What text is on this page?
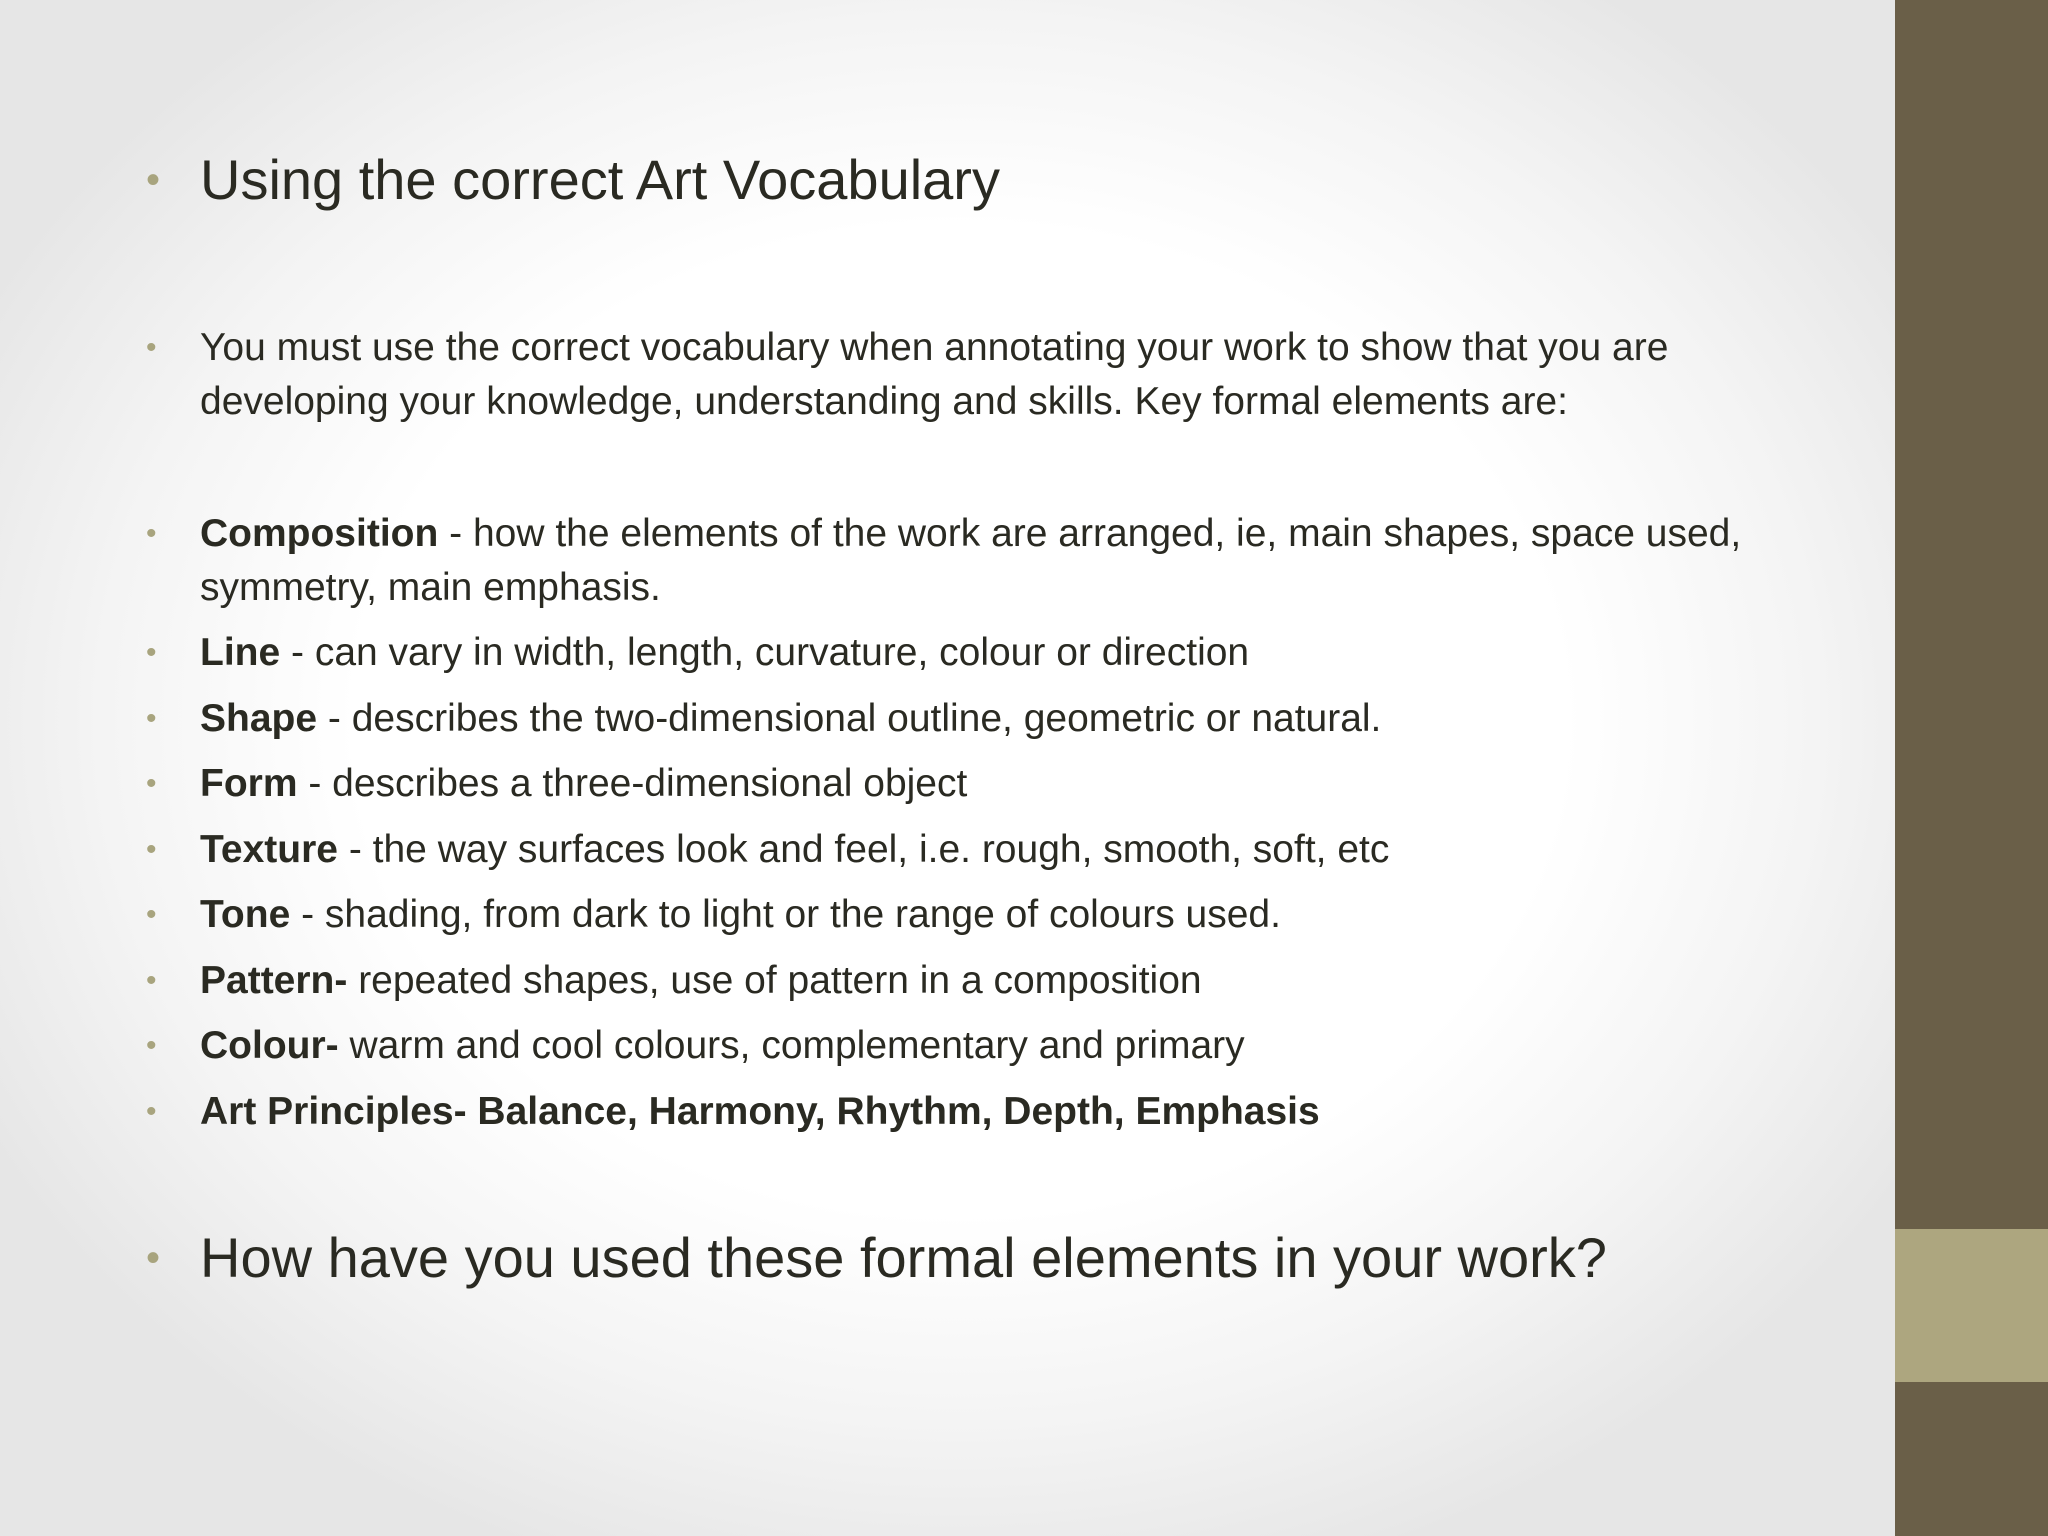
• Using the correct Art Vocabulary
•	You must use the correct vocabulary when annotating your work to show that you are developing your knowledge, understanding and skills. Key formal elements are:
•	Composition - how the elements of the work are arranged, ie, main shapes, space used, symmetry, main emphasis.
•	Line - can vary in width, length, curvature, colour or direction
•	Shape - describes the two-dimensional outline, geometric or natural.
•	Form - describes a three-dimensional object
•	Texture - the way surfaces look and feel, i.e. rough, smooth, soft, etc
•	Tone - shading, from dark to light or the range of colours used.
•	Pattern- repeated shapes, use of pattern in a composition
•	Colour- warm and cool colours, complementary and primary
•	Art Principles- Balance, Harmony, Rhythm, Depth, Emphasis
• How have you used these formal elements in your work?
